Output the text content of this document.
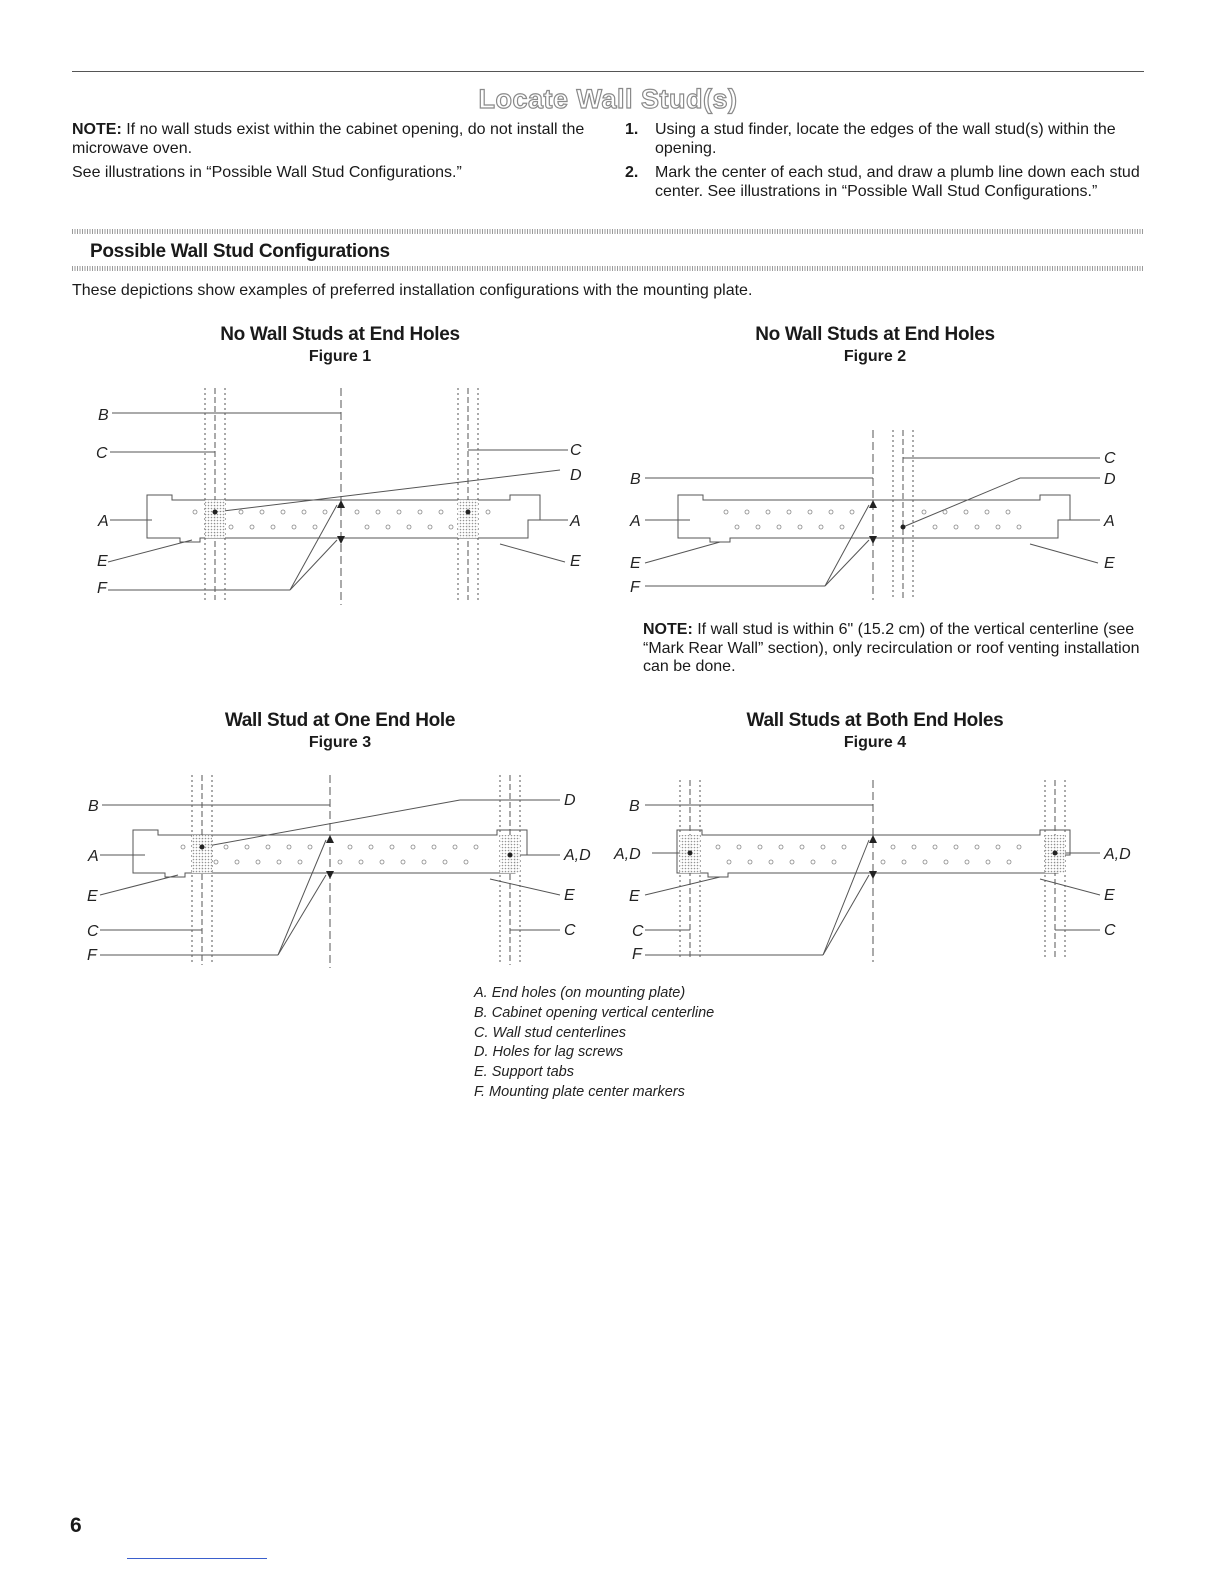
Locate Wall Stud(s)
NOTE: If no wall studs exist within the cabinet opening, do not install the microwave oven.
See illustrations in “Possible Wall Stud Configurations.”
1. Using a stud finder, locate the edges of the wall stud(s) within the opening.
2. Mark the center of each stud, and draw a plumb line down each stud center. See illustrations in “Possible Wall Stud Configurations.”
Possible Wall Stud Configurations
These depictions show examples of preferred installation configurations with the mounting plate.
No Wall Studs at End Holes
Figure 1
No Wall Studs at End Holes
Figure 2
Wall Stud at One End Hole
Figure 3
Wall Studs at Both End Holes
Figure 4
NOTE: If wall stud is within 6" (15.2 cm) of the vertical centerline (see “Mark Rear Wall” section), only recirculation or roof venting installation can be done.
B
C
A
E
F
C
D
A
E
B
A
E
F
C
D
A
E
B
A
E
C
F
D
A,D
E
C
B
A,D
E
C
F
A,D
E
C
A. End holes (on mounting plate)
B. Cabinet opening vertical centerline
C. Wall stud centerlines
D. Holes for lag screws
E. Support tabs
F. Mounting plate center markers
6
